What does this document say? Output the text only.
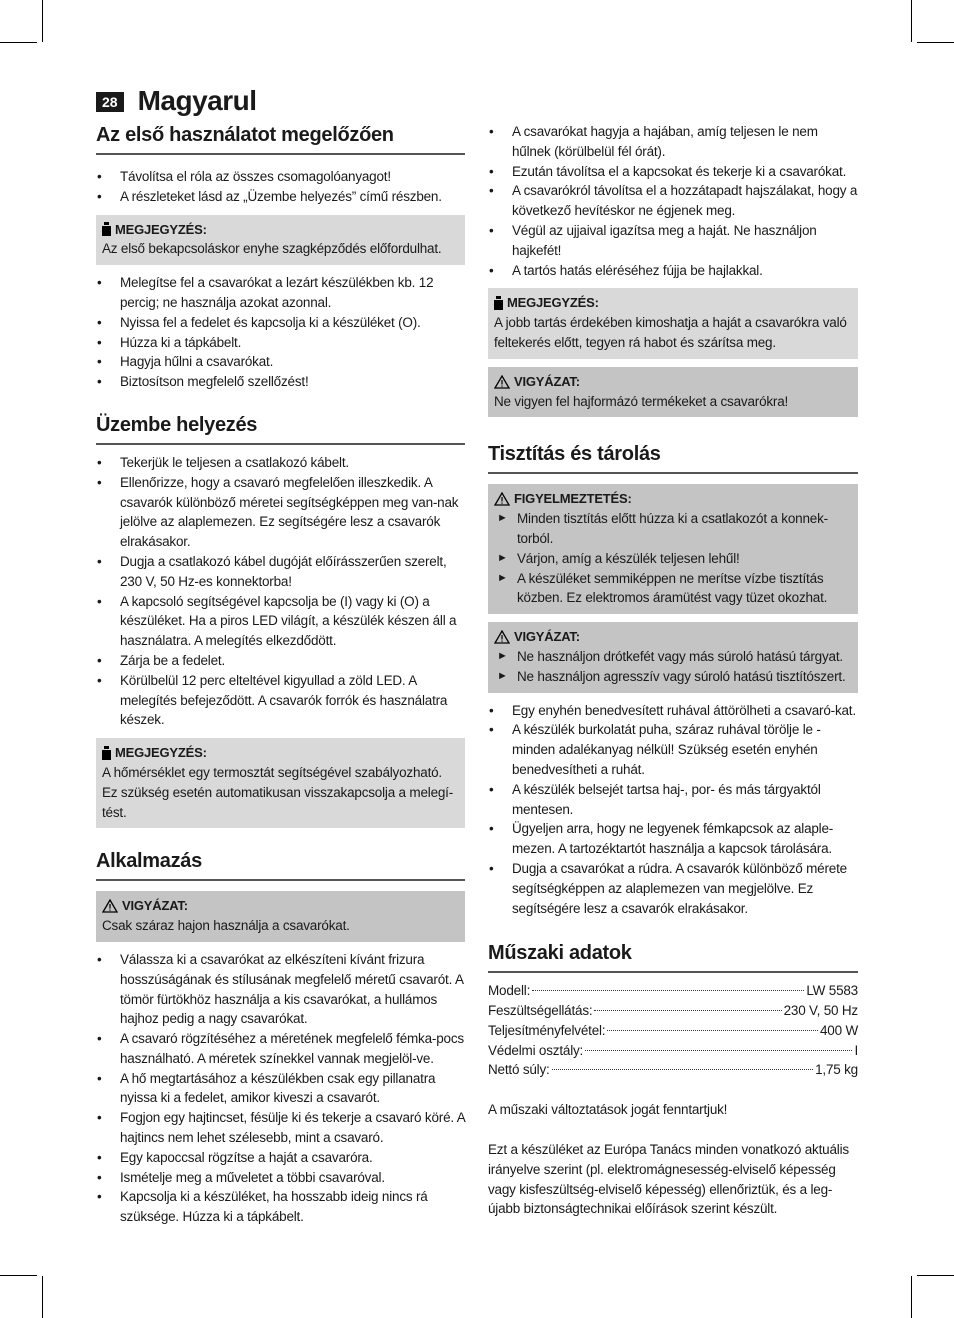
28 Magyarul
Az első használatot megelőzően
• Távolítsa el róla az összes csomagolóanyagot!
• A részleteket lásd az „Üzembe helyezés” című részben.
MEGJEGYZÉS:
Az első bekapcsoláskor enyhe szagképződés előfordulhat.
• Melegítse fel a csavarókat a lezárt készülékben kb. 12 percig; ne használja azokat azonnal.
• Nyissa fel a fedelet és kapcsolja ki a készüléket (O).
• Húzza ki a tápkábelt.
• Hagyja hűlni a csavarókat.
• Biztosítson megfelelő szellőzést!
Üzembe helyezés
• Tekerjük le teljesen a csatlakozó kábelt.
• Ellenőrizze, hogy a csavaró megfelelően illeszkedik. A csavarók különböző méretei segítségképpen meg van-nak jelölve az alaplemezen. Ez segítségére lesz a csavarók elrakásakor.
• Dugja a csatlakozó kábel dugóját előírásszerűen szerelt, 230 V, 50 Hz-es konnektorba!
• A kapcsoló segítségével kapcsolja be (I) vagy ki (O) a készüléket. Ha a piros LED világít, a készülék készen áll a használatra. A melegítés elkezdődött.
• Zárja be a fedelet.
• Körülbelül 12 perc elteltével kigyullad a zöld LED. A melegítés befejeződött. A csavarók forrók és használatra készek.
MEGJEGYZÉS:
A hőmérséklet egy termosztát segítségével szabályozható. Ez szükség esetén automatikusan visszakapcsolja a melegí-tést.
Alkalmazás
VIGYÁZAT:
Csak száraz hajon használja a csavarókat.
• Válassza ki a csavarókat az elkészíteni kívánt frizura hosszúságának és stílusának megfelelő méretű csavarót. A tömör fürtökhöz használja a kis csavarókat, a hullámos hajhoz pedig a nagy csavarókat.
• A csavaró rögzítéséhez a méretének megfelelő fémka-pocs használható. A méretek színekkel vannak megjelöl-ve.
• A hő megtartásához a készülékben csak egy pillanatra nyissa ki a fedelet, amikor kiveszi a csavarót.
• Fogjon egy hajtincset, fésülje ki és tekerje a csavaró köré. A hajtincs nem lehet szélesebb, mint a csavaró.
• Egy kapoccsal rögzítse a haját a csavaróra.
• Ismételje meg a műveletet a többi csavaróval.
• Kapcsolja ki a készüléket, ha hosszabb ideig nincs rá szüksége. Húzza ki a tápkábelt.
• A csavarókat hagyja a hajában, amíg teljesen le nem hűlnek (körülbelül fél órát).
• Ezután távolítsa el a kapcsokat és tekerje ki a csavarókat.
• A csavarókról távolítsa el a hozzátapadt hajszálakat, hogy a következő hevítéskor ne égjenek meg.
• Végül az ujjaival igazítsa meg a haját. Ne használjon hajkefét!
• A tartós hatás eléréséhez fújja be hajlakkal.
MEGJEGYZÉS:
A jobb tartás érdekében kimoshatja a haját a csavarókra való feltekerés előtt, tegyen rá habot és szárítsa meg.
VIGYÁZAT:
Ne vigyen fel hajformázó termékeket a csavarókra!
Tisztítás és tárolás
FIGYELMEZTETÉS:
► Minden tisztítás előtt húzza ki a csatlakozót a konnek-torból.
► Várjon, amíg a készülék teljesen lehűl!
► A készüléket semmiképpen ne merítse vízbe tisztítás közben. Ez elektromos áramütést vagy tüzet okozhat.
VIGYÁZAT:
► Ne használjon drótkefét vagy más súroló hatású tárgyat.
► Ne használjon agresszív vagy súroló hatású tisztítószert.
• Egy enyhén benedvesített ruhával áttörölheti a csavaró-kat.
• A készülék burkolatát puha, száraz ruhával törölje le - minden adalékanyag nélkül! Szükség esetén enyhén benedvesítheti a ruhát.
• A készülék belsejét tartsa haj-, por- és más tárgyaktól mentesen.
• Ügyeljen arra, hogy ne legyenek fémkapcsok az alaple-mezen. A tartozéktartót használja a kapcsok tárolására.
• Dugja a csavarókat a rúdra. A csavarók különböző mérete segítségképpen az alaplemezen van megjelölve. Ez segítségére lesz a csavarók elrakásakor.
Műszaki adatok
Modell:	LW 5583
Feszültségellátás:	230 V, 50 Hz
Teljesítményfelvétel:	400 W
Védelmi osztály:	I
Nettó súly:	1,75 kg
A műszaki változtatások jogát fenntartjuk!
Ezt a készüléket az Európa Tanács minden vonatkozó aktuális irányelve szerint (pl. elektromágnesesség-elviselő képesség vagy kisfeszültség-elviselő képesség) ellenőriztük, és a leg-újabb biztonságtechnikai előírások szerint készült.
